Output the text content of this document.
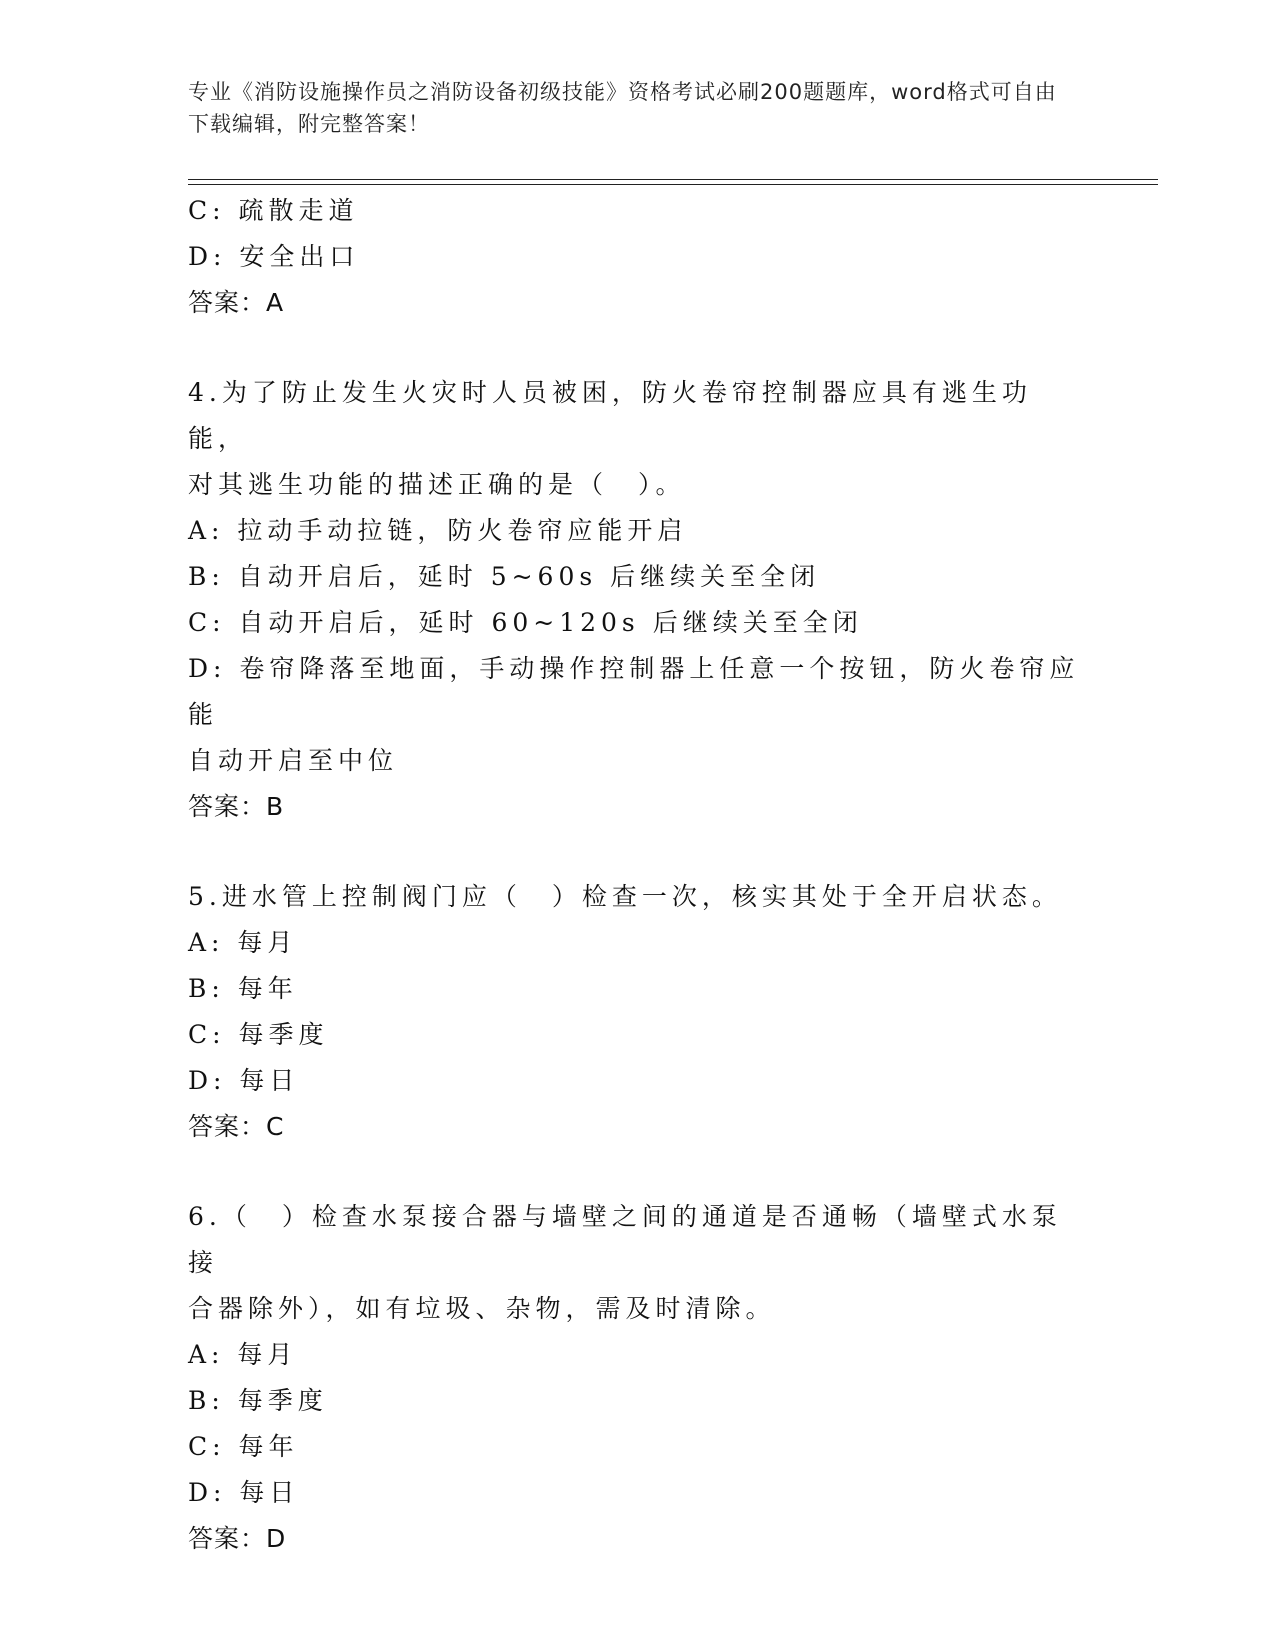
专业《消防设施操作员之消防设备初级技能》资格考试必刷200题题库，word格式可自由下载编辑，附完整答案！
C: 疏散走道
D: 安全出口
答案：A
4.为了防止发生火灾时人员被困，防火卷帘控制器应具有逃生功能，
对其逃生功能的描述正确的是（　）。
A: 拉动手动拉链，防火卷帘应能开启
B: 自动开启后，延时 5~60s 后继续关至全闭
C: 自动开启后，延时 60~120s 后继续关至全闭
D: 卷帘降落至地面，手动操作控制器上任意一个按钮，防火卷帘应能
自动开启至中位
答案：B
5.进水管上控制阀门应（　）检查一次，核实其处于全开启状态。
A: 每月
B: 每年
C: 每季度
D: 每日
答案：C
6.（　）检查水泵接合器与墙壁之间的通道是否通畅（墙壁式水泵接
合器除外），如有垃圾、杂物，需及时清除。
A: 每月
B: 每季度
C: 每年
D: 每日
答案：D
